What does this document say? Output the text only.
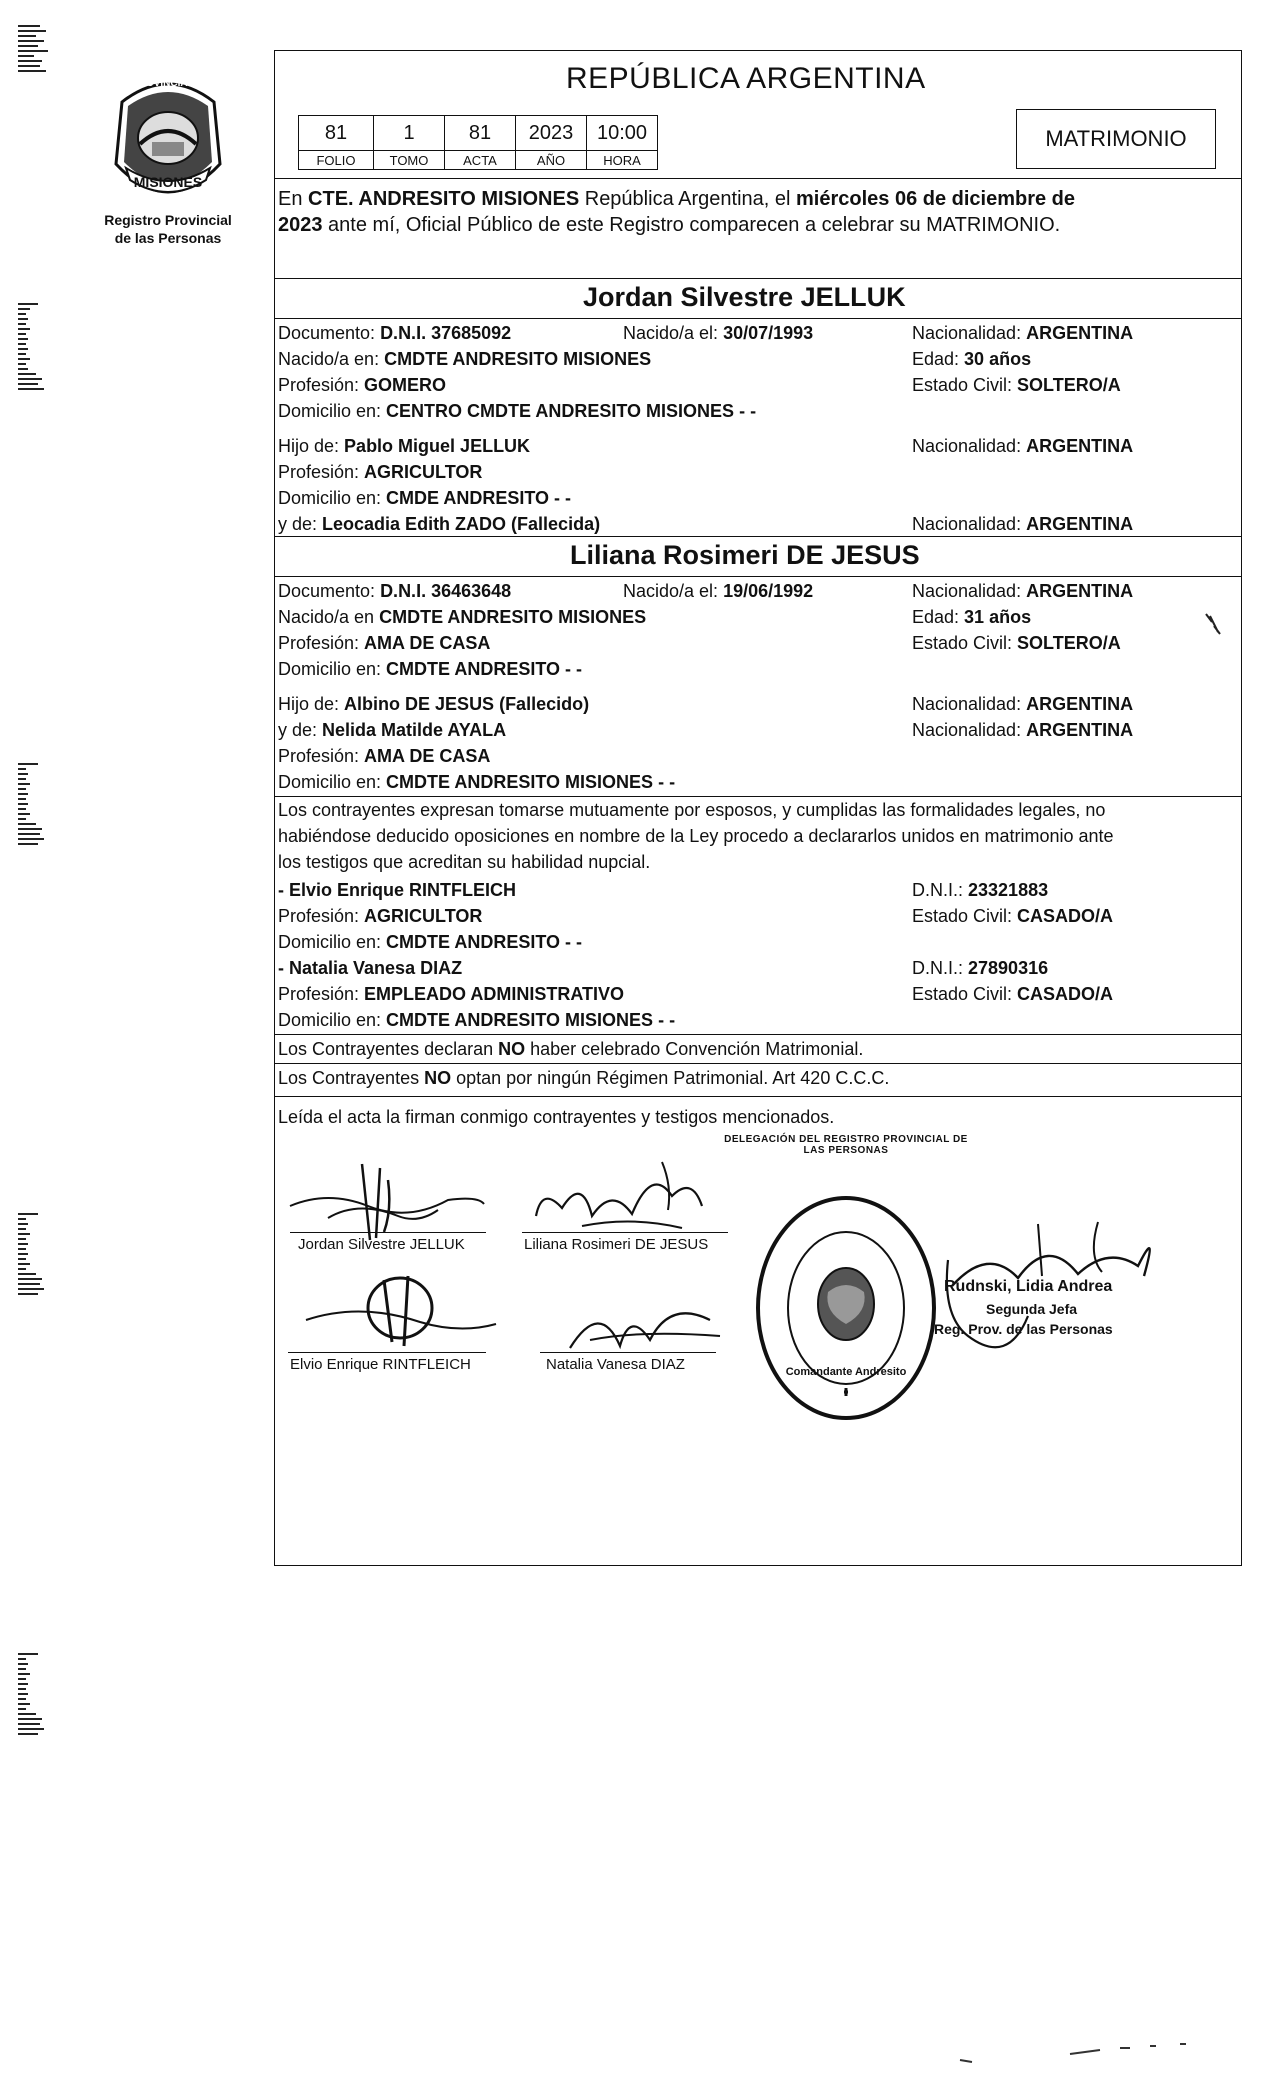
PROVINCIA DE
MISIONES
Registro Provincial
de las Personas
REPÚBLICA ARGENTINA
81	1	81	2023	10:00
FOLIO	TOMO	ACTA	AÑO	HORA
MATRIMONIO
En CTE. ANDRESITO MISIONES República Argentina, el miércoles 06 de diciembre de
2023 ante mí, Oficial Público de este Registro comparecen a celebrar su MATRIMONIO.
Jordan Silvestre JELLUK
Documento: D.N.I. 37685092	Nacido/a el: 30/07/1993	Nacionalidad: ARGENTINA
Nacido/a en: CMDTE ANDRESITO MISIONES	Edad: 30 años
Profesión: GOMERO	Estado Civil: SOLTERO/A
Domicilio en: CENTRO CMDTE ANDRESITO MISIONES - -
Hijo de: Pablo Miguel JELLUK	Nacionalidad: ARGENTINA
Profesión: AGRICULTOR
Domicilio en: CMDE ANDRESITO - -
y de: Leocadia Edith ZADO (Fallecida)	Nacionalidad: ARGENTINA
Liliana Rosimeri DE JESUS
Documento: D.N.I. 36463648	Nacido/a el: 19/06/1992	Nacionalidad: ARGENTINA
Nacido/a en CMDTE ANDRESITO MISIONES	Edad: 31 años
Profesión: AMA DE CASA	Estado Civil: SOLTERO/A
Domicilio en: CMDTE ANDRESITO - -
Hijo de: Albino DE JESUS (Fallecido)	Nacionalidad: ARGENTINA
y de: Nelida Matilde AYALA	Nacionalidad: ARGENTINA
Profesión: AMA DE CASA
Domicilio en: CMDTE ANDRESITO MISIONES - -
Los contrayentes expresan tomarse mutuamente por esposos, y cumplidas las formalidades legales, no
habiéndose deducido oposiciones en nombre de la Ley procedo a declararlos unidos en matrimonio ante
los testigos que acreditan su habilidad nupcial.
- Elvio Enrique RINTFLEICH	D.N.I.: 23321883
Profesión: AGRICULTOR	Estado Civil: CASADO/A
Domicilio en: CMDTE ANDRESITO - -
- Natalia Vanesa DIAZ	D.N.I.: 27890316
Profesión: EMPLEADO ADMINISTRATIVO	Estado Civil: CASADO/A
Domicilio en: CMDTE ANDRESITO MISIONES - -
Los Contrayentes declaran NO haber celebrado Convención Matrimonial.
Los Contrayentes NO optan por ningún Régimen Patrimonial. Art 420 C.C.C.
Leída el acta la firman conmigo contrayentes y testigos mencionados.
Jordan Silvestre JELLUK	Liliana Rosimeri DE JESUS
Elvio Enrique RINTFLEICH	Natalia Vanesa DIAZ
DELEGACIÓN DEL REGISTRO PROVINCIAL DE LAS PERSONAS
Comandante Andresito
Rudnski, Lidia Andrea
Segunda Jefa
Reg. Prov. de las Personas
